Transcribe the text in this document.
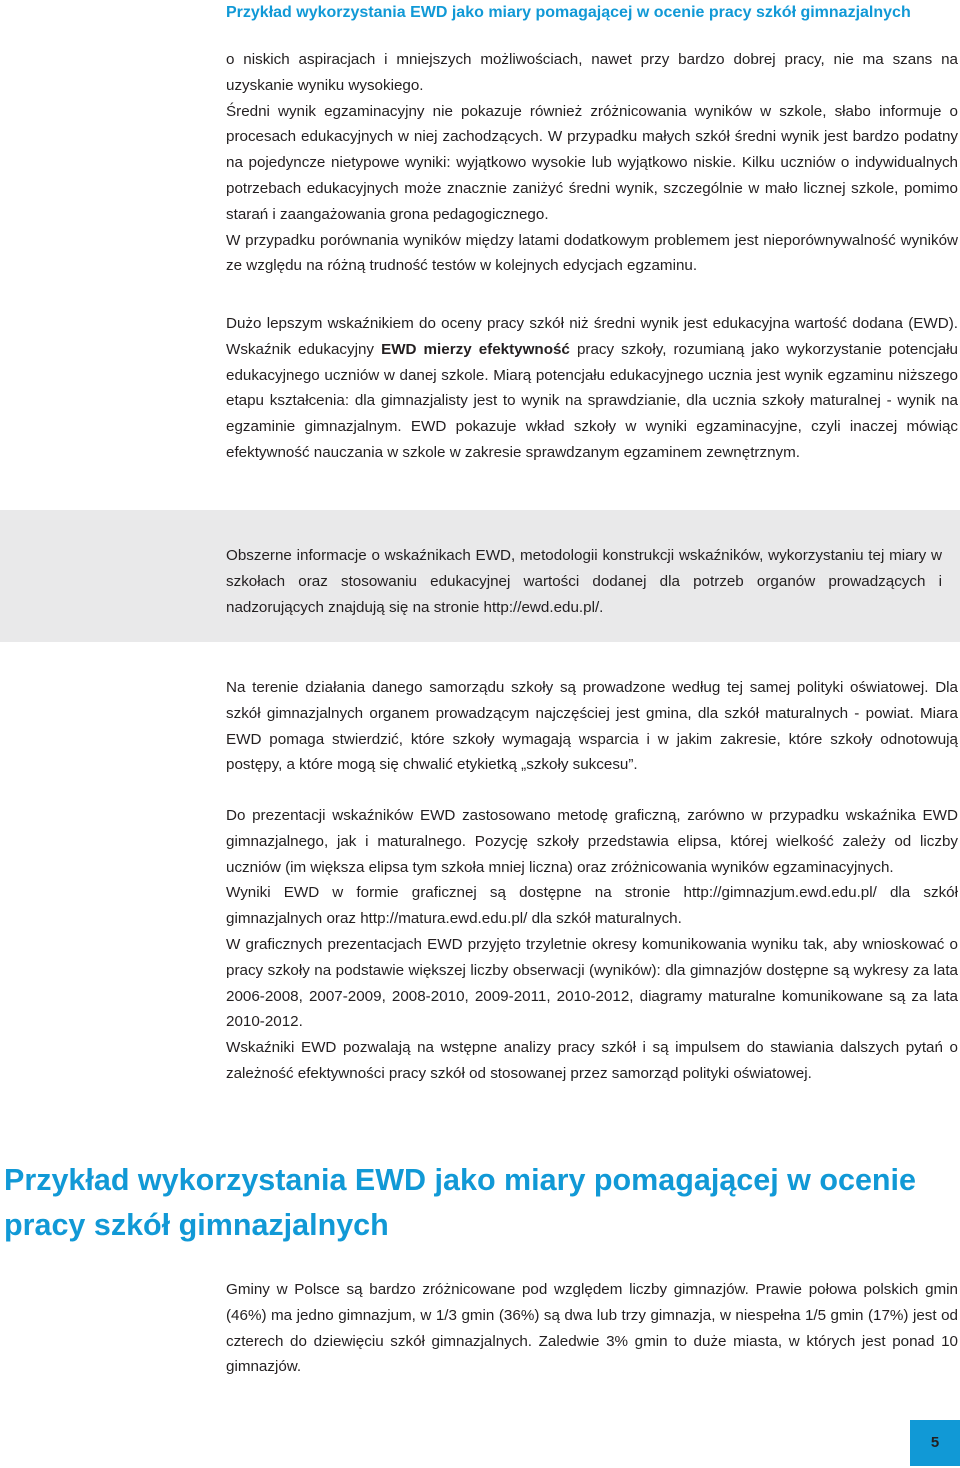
Przykład wykorzystania EWD jako miary pomagającej w ocenie pracy szkół gimnazjalnych

o niskich aspiracjach i mniejszych możliwościach, nawet przy bardzo dobrej pracy, nie ma szans na uzyskanie wyniku wysokiego.

Średni wynik egzaminacyjny nie pokazuje również zróżnicowania wyników w szkole, słabo informuje o procesach edukacyjnych w niej zachodzących. W przypadku małych szkół średni wynik jest bardzo podatny na pojedyncze nietypowe wyniki: wyjątkowo wysokie lub wyjątkowo niskie. Kilku uczniów o indywidualnych potrzebach edukacyjnych może znacznie zaniżyć średni wynik, szczególnie w mało licznej szkole, pomimo starań i zaangażowania grona pedagogicznego.

W przypadku porównania wyników między latami dodatkowym problemem jest nieporównywalność wyników ze względu na różną trudność testów w kolejnych edycjach egzaminu.

Dużo lepszym wskaźnikiem do oceny pracy szkół niż średni wynik jest edukacyjna wartość dodana (EWD). Wskaźnik edukacyjny EWD mierzy efektywność pracy szkoły, rozumianą jako wykorzystanie potencjału edukacyjnego uczniów w danej szkole. Miarą potencjału edukacyjnego ucznia jest wynik egzaminu niższego etapu kształcenia: dla gimnazjalisty jest to wynik na sprawdzianie, dla ucznia szkoły maturalnej - wynik na egzaminie gimnazjalnym. EWD pokazuje wkład szkoły w wyniki egzaminacyjne, czyli inaczej mówiąc efektywność nauczania w szkole w zakresie sprawdzanym egzaminem zewnętrznym.

Obszerne informacje o wskaźnikach EWD, metodologii konstrukcji wskaźników, wykorzystaniu tej miary w szkołach oraz stosowaniu edukacyjnej wartości dodanej dla potrzeb organów prowadzących i nadzorujących znajdują się na stronie http://ewd.edu.pl/.

Na terenie działania danego samorządu szkoły są prowadzone według tej samej polityki oświatowej. Dla szkół gimnazjalnych organem prowadzącym najczęściej jest gmina, dla szkół maturalnych - powiat. Miara EWD pomaga stwierdzić, które szkoły wymagają wsparcia i w jakim zakresie, które szkoły odnotowują postępy, a które mogą się chwalić etykietką „szkoły sukcesu”.

Do prezentacji wskaźników EWD zastosowano metodę graficzną, zarówno w przypadku wskaźnika EWD gimnazjalnego, jak i maturalnego. Pozycję szkoły przedstawia elipsa, której wielkość zależy od liczby uczniów (im większa elipsa tym szkoła mniej liczna) oraz zróżnicowania wyników egzaminacyjnych.

Wyniki EWD w formie graficznej są dostępne na stronie http://gimnazjum.ewd.edu.pl/ dla szkół gimnazjalnych oraz http://matura.ewd.edu.pl/ dla szkół maturalnych.

W graficznych prezentacjach EWD przyjęto trzyletnie okresy komunikowania wyniku tak, aby wnioskować o pracy szkoły na podstawie większej liczby obserwacji (wyników): dla gimnazjów dostępne są wykresy za lata 2006-2008, 2007-2009, 2008-2010, 2009-2011, 2010-2012, diagramy maturalne komunikowane są za lata 2010-2012.

Wskaźniki EWD pozwalają na wstępne analizy pracy szkół i są impulsem do stawiania dalszych pytań o zależność efektywności pracy szkół od stosowanej przez samorząd polityki oświatowej.

Przykład wykorzystania EWD jako miary pomagającej w ocenie pracy szkół gimnazjalnych

Gminy w Polsce są bardzo zróżnicowane pod względem liczby gimnazjów. Prawie połowa polskich gmin (46%) ma jedno gimnazjum, w 1/3 gmin (36%) są dwa lub trzy gimnazja, w niespełna 1/5 gmin (17%) jest od czterech do dziewięciu szkół gimnazjalnych. Zaledwie 3% gmin to duże miasta, w których jest ponad 10 gimnazjów.

5
